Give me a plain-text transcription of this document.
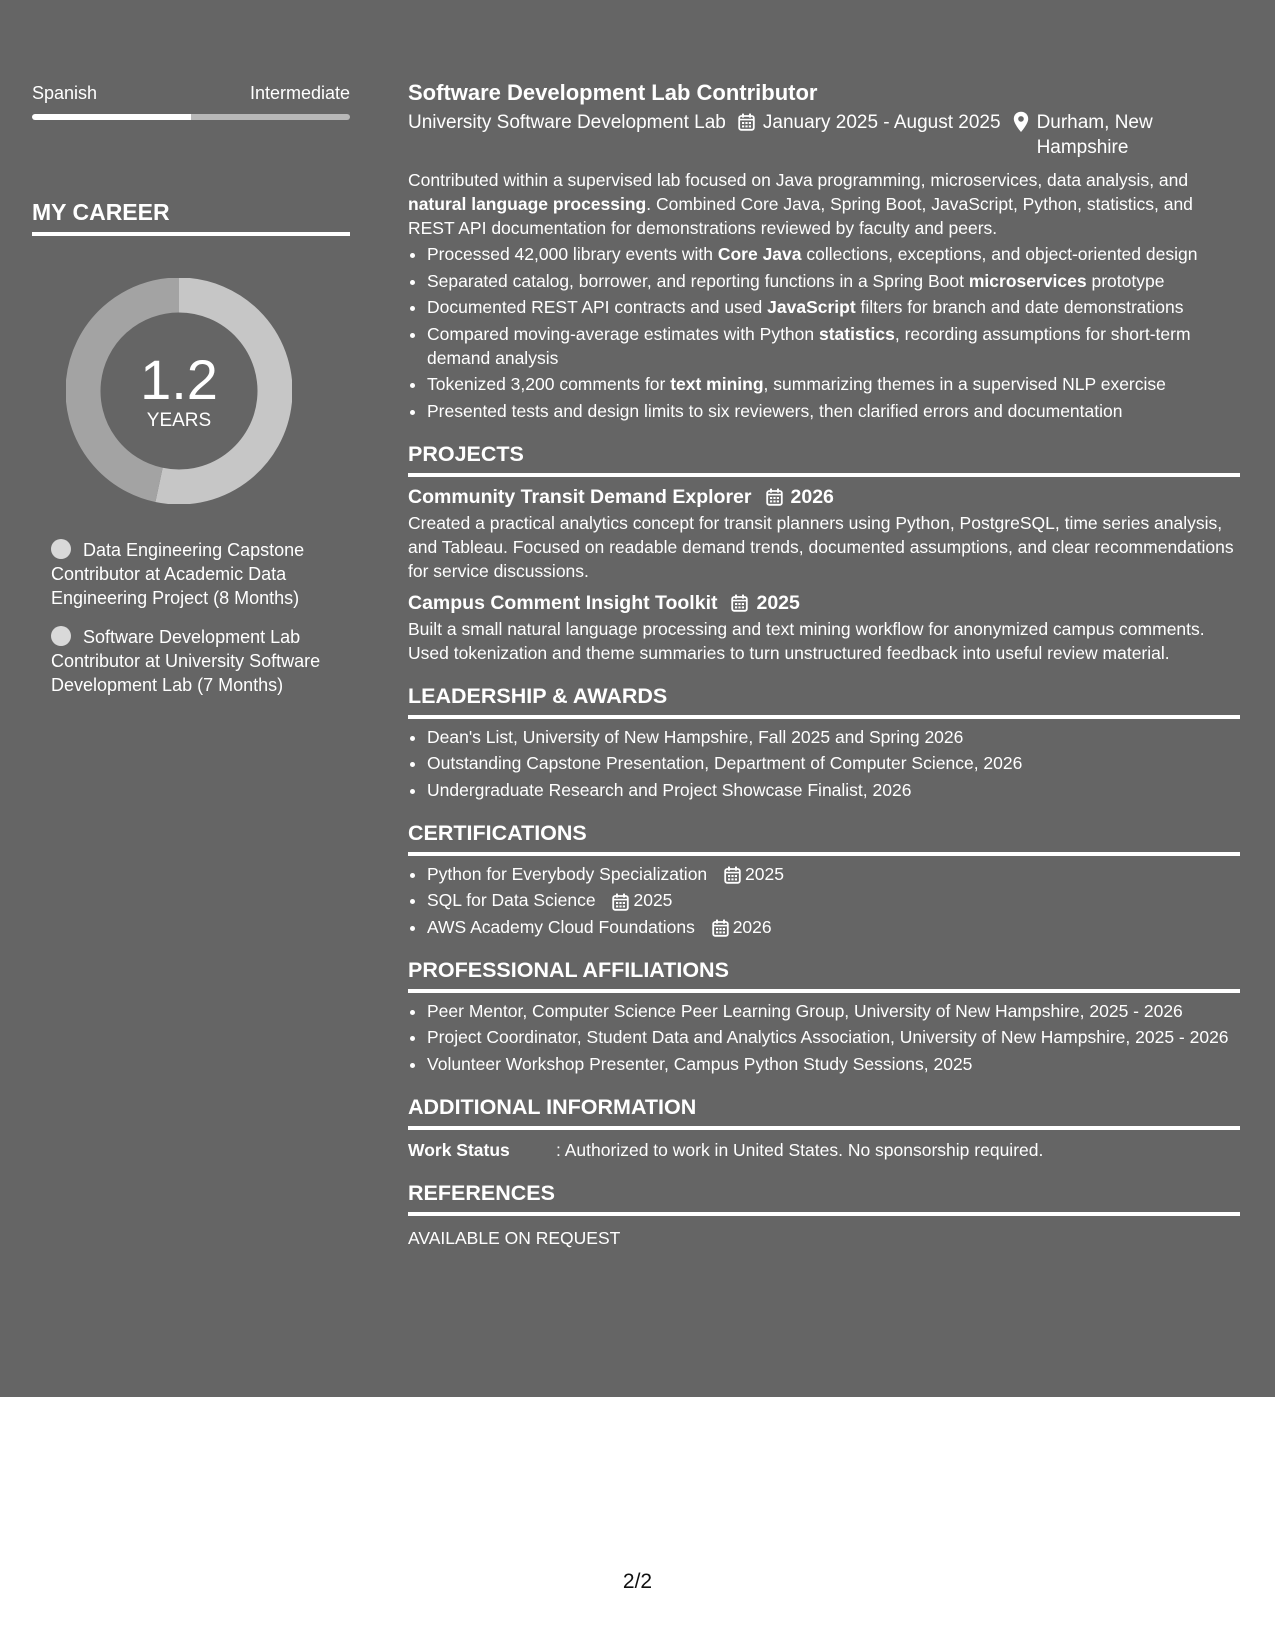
Spanish	Intermediate
MY CAREER
1.2
YEARS
Data Engineering Capstone Contributor at Academic Data Engineering Project (8 Months)
Software Development Lab Contributor at University Software Development Lab (7 Months)
Software Development Lab Contributor
University Software Development Lab January 2025 - August 2025 Durham, New Hampshire
Contributed within a supervised lab focused on Java programming, microservices, data analysis, and natural language processing. Combined Core Java, Spring Boot, JavaScript, Python, statistics, and REST API documentation for demonstrations reviewed by faculty and peers.
• Processed 42,000 library events with Core Java collections, exceptions, and object-oriented design
• Separated catalog, borrower, and reporting functions in a Spring Boot microservices prototype
• Documented REST API contracts and used JavaScript filters for branch and date demonstrations
• Compared moving-average estimates with Python statistics, recording assumptions for short-term demand analysis
• Tokenized 3,200 comments for text mining, summarizing themes in a supervised NLP exercise
• Presented tests and design limits to six reviewers, then clarified errors and documentation
PROJECTS
Community Transit Demand Explorer 2026
Created a practical analytics concept for transit planners using Python, PostgreSQL, time series analysis, and Tableau. Focused on readable demand trends, documented assumptions, and clear recommendations for service discussions.
Campus Comment Insight Toolkit 2025
Built a small natural language processing and text mining workflow for anonymized campus comments. Used tokenization and theme summaries to turn unstructured feedback into useful review material.
LEADERSHIP & AWARDS
• Dean's List, University of New Hampshire, Fall 2025 and Spring 2026
• Outstanding Capstone Presentation, Department of Computer Science, 2026
• Undergraduate Research and Project Showcase Finalist, 2026
CERTIFICATIONS
• Python for Everybody Specialization 2025
• SQL for Data Science 2025
• AWS Academy Cloud Foundations 2026
PROFESSIONAL AFFILIATIONS
• Peer Mentor, Computer Science Peer Learning Group, University of New Hampshire, 2025 - 2026
• Project Coordinator, Student Data and Analytics Association, University of New Hampshire, 2025 - 2026
• Volunteer Workshop Presenter, Campus Python Study Sessions, 2025
ADDITIONAL INFORMATION
Work Status	: Authorized to work in United States. No sponsorship required.
REFERENCES
AVAILABLE ON REQUEST
2/2
